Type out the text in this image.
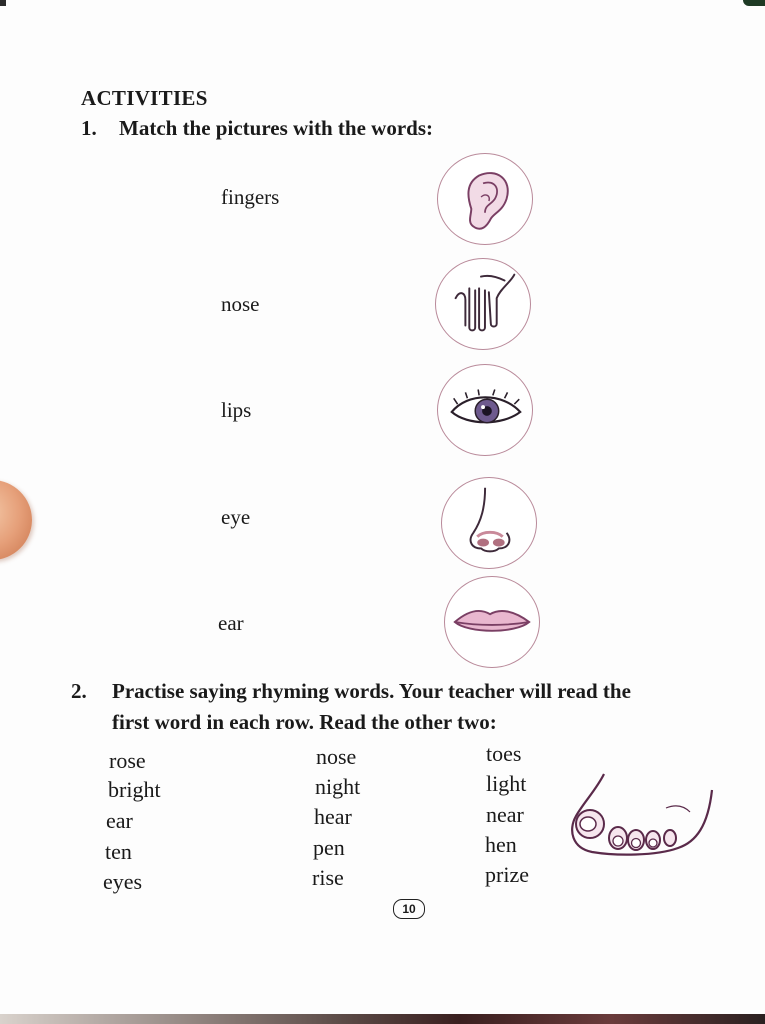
ACTIVITIES
1. Match the pictures with the words:
fingers
nose
lips
eye
ear
2. Practise saying rhyming words. Your teacher will read the
first word in each row. Read the other two:
rose	nose	toes
bright	night	light
ear	hear	near
ten	pen	hen
eyes	rise	prize
10
